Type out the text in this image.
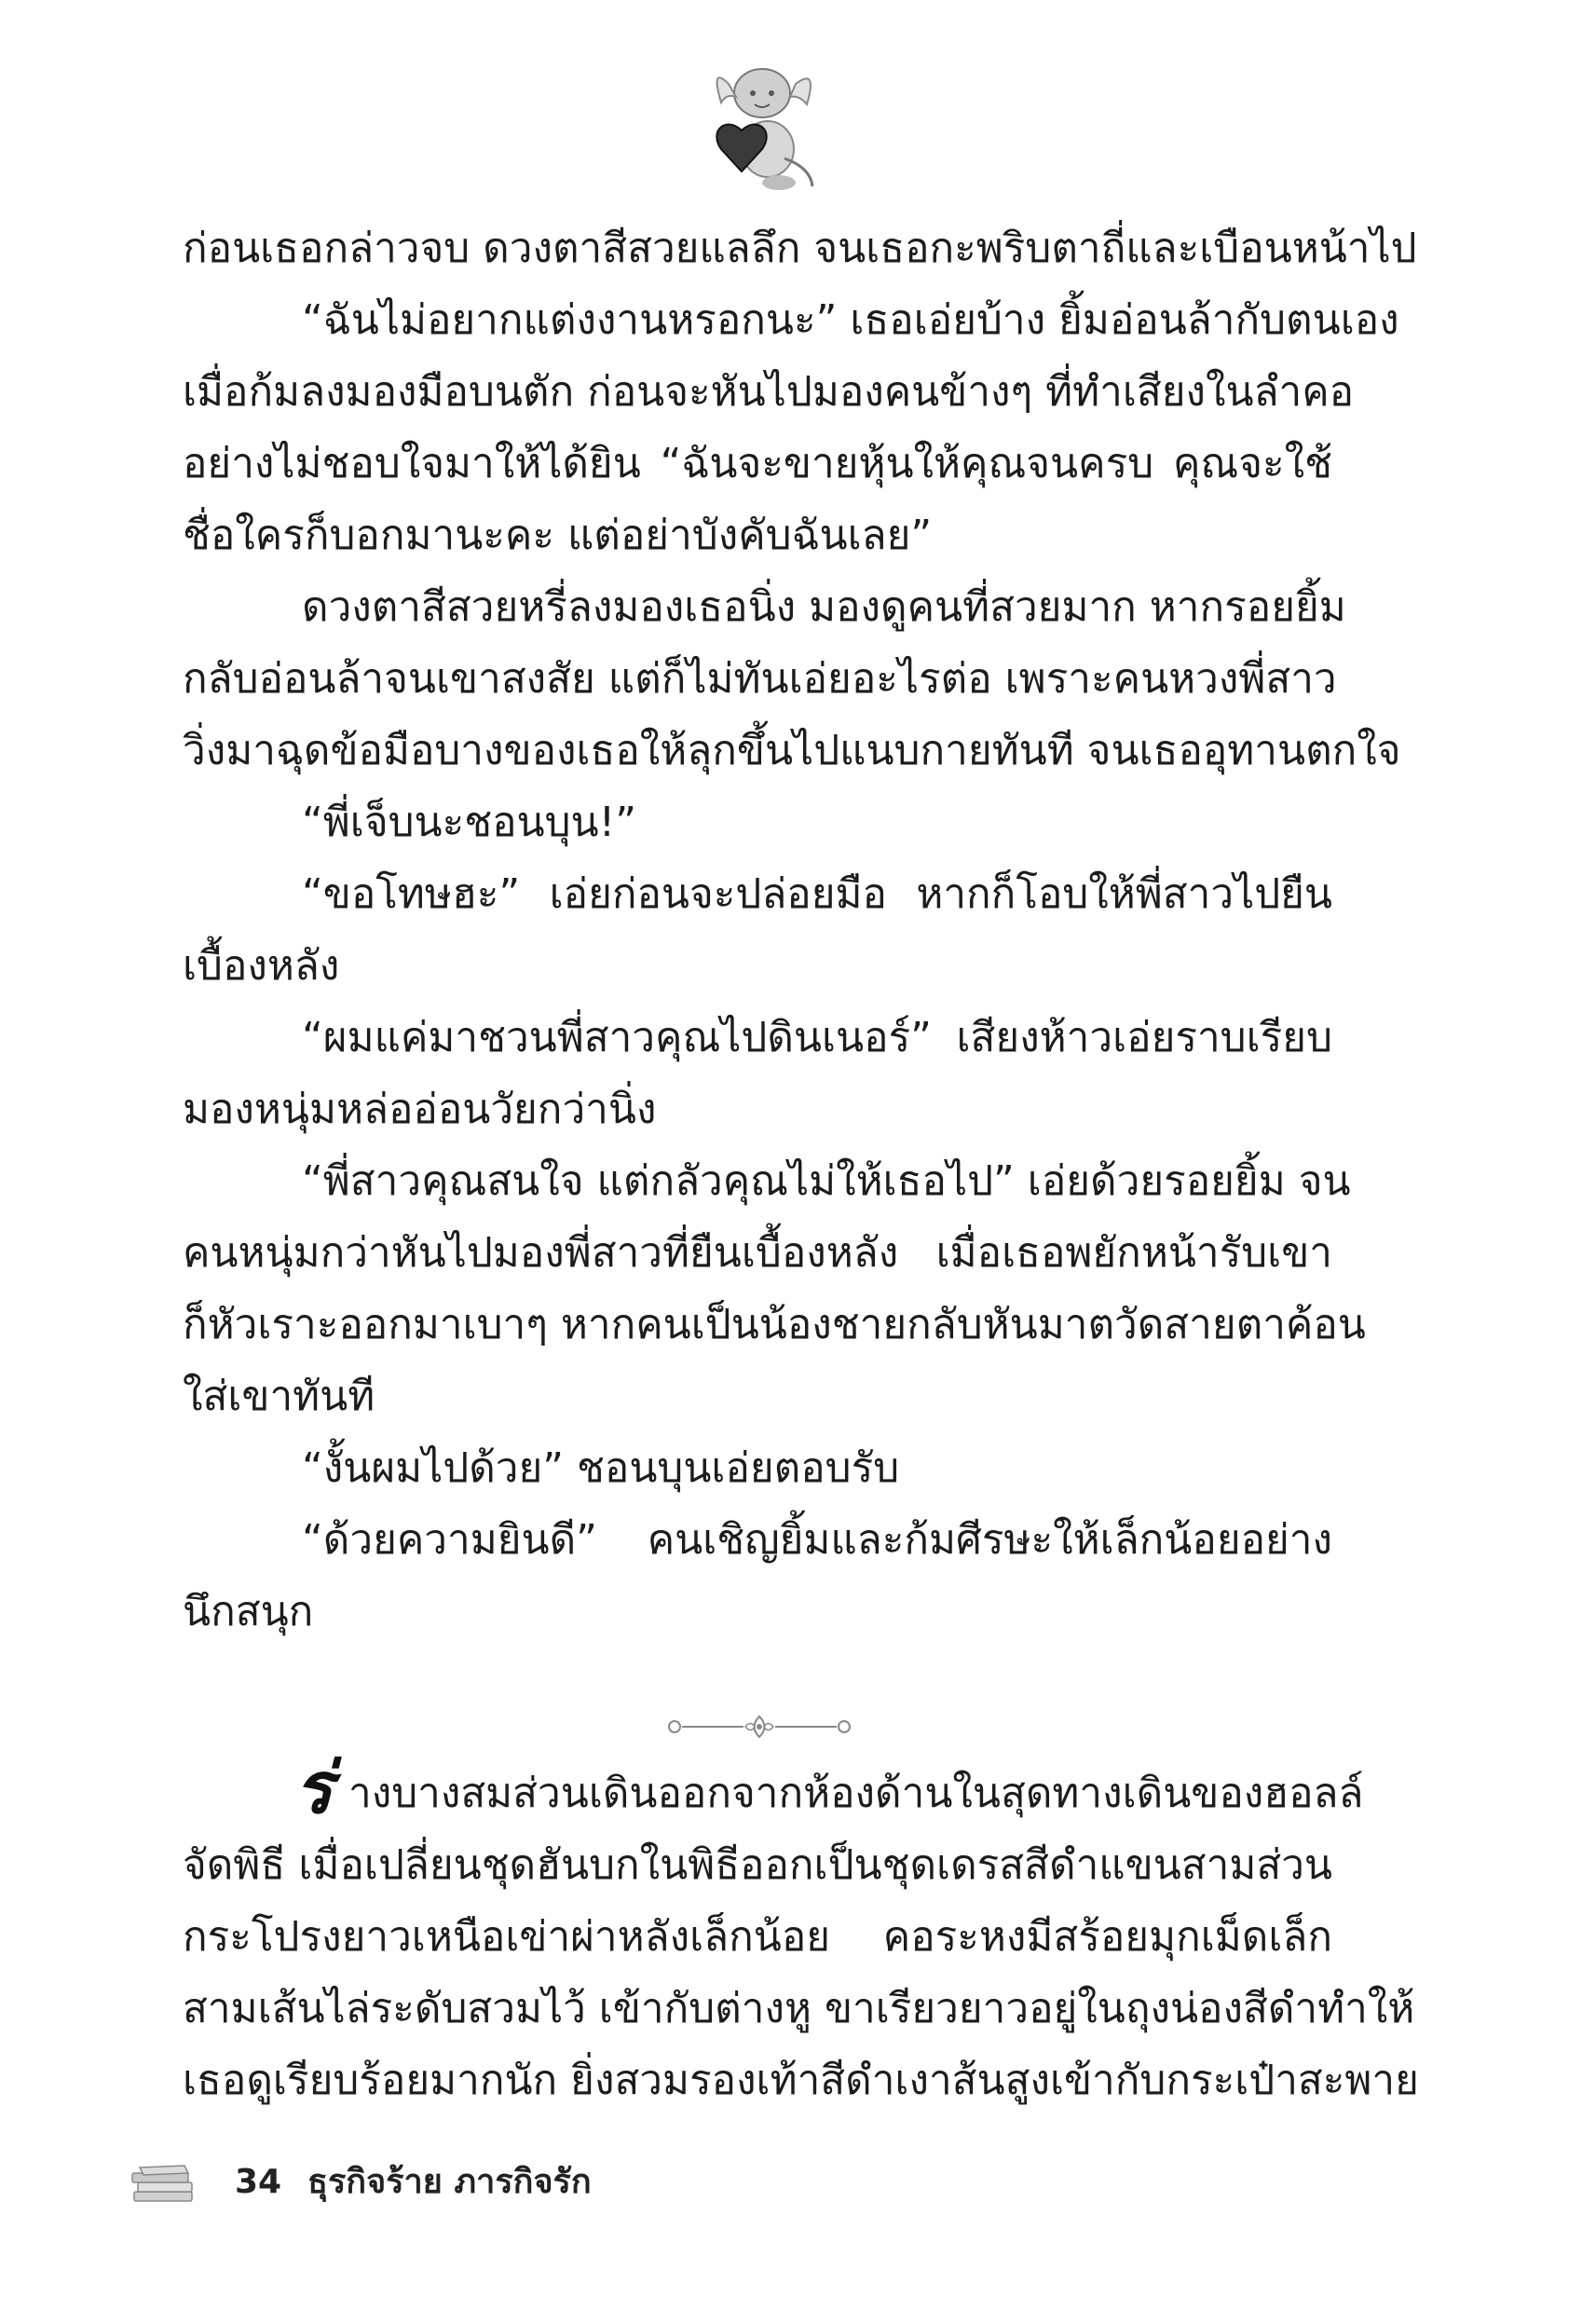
ก่อนเธอกล่าวจบ ดวงตาสีสวยแลลึก จนเธอกะพริบตาถี่และเบือนหน้าไป
“ฉันไม่อยากแต่งงานหรอกนะ” เธอเอ่ยบ้าง ยิ้มอ่อนล้ากับตนเอง
เมื่อก้มลงมองมือบนตัก ก่อนจะหันไปมองคนข้างๆ ที่ทำเสียงในลำคอ
อย่างไม่ชอบใจมาให้ได้ยิน “ฉันจะขายหุ้นให้คุณจนครบ คุณจะใช้
ชื่อใครก็บอกมานะคะ แต่อย่าบังคับฉันเลย”
ดวงตาสีสวยหรี่ลงมองเธอนิ่ง มองดูคนที่สวยมาก หากรอยยิ้ม
กลับอ่อนล้าจนเขาสงสัย แต่ก็ไม่ทันเอ่ยอะไรต่อ เพราะคนหวงพี่สาว
วิ่งมาฉุดข้อมือบางของเธอให้ลุกขึ้นไปแนบกายทันที จนเธออุทานตกใจ
“พี่เจ็บนะชอนบุน!”
“ขอโทษฮะ” เอ่ยก่อนจะปล่อยมือ หากก็โอบให้พี่สาวไปยืน
เบื้องหลัง
“ผมแค่มาชวนพี่สาวคุณไปดินเนอร์” เสียงห้าวเอ่ยราบเรียบ
มองหนุ่มหล่ออ่อนวัยกว่านิ่ง
“พี่สาวคุณสนใจ แต่กลัวคุณไม่ให้เธอไป” เอ่ยด้วยรอยยิ้ม จน
คนหนุ่มกว่าหันไปมองพี่สาวที่ยืนเบื้องหลัง เมื่อเธอพยักหน้ารับเขา
ก็หัวเราะออกมาเบาๆ หากคนเป็นน้องชายกลับหันมาตวัดสายตาค้อน
ใส่เขาทันที
“งั้นผมไปด้วย” ชอนบุนเอ่ยตอบรับ
“ด้วยความยินดี” คนเชิญยิ้มและก้มศีรษะให้เล็กน้อยอย่าง
นึกสนุก
ร่ างบางสมส่วนเดินออกจากห้องด้านในสุดทางเดินของฮอลล์
จัดพิธี เมื่อเปลี่ยนชุดฮันบกในพิธีออกเป็นชุดเดรสสีดำแขนสามส่วน
กระโปรงยาวเหนือเข่าผ่าหลังเล็กน้อย คอระหงมีสร้อยมุกเม็ดเล็ก
สามเส้นไล่ระดับสวมไว้ เข้ากับต่างหู ขาเรียวยาวอยู่ในถุงน่องสีดำทำให้
เธอดูเรียบร้อยมากนัก ยิ่งสวมรองเท้าสีดำเงาส้นสูงเข้ากับกระเป๋าสะพาย
34 ธุรกิจร้าย ภารกิจรัก
